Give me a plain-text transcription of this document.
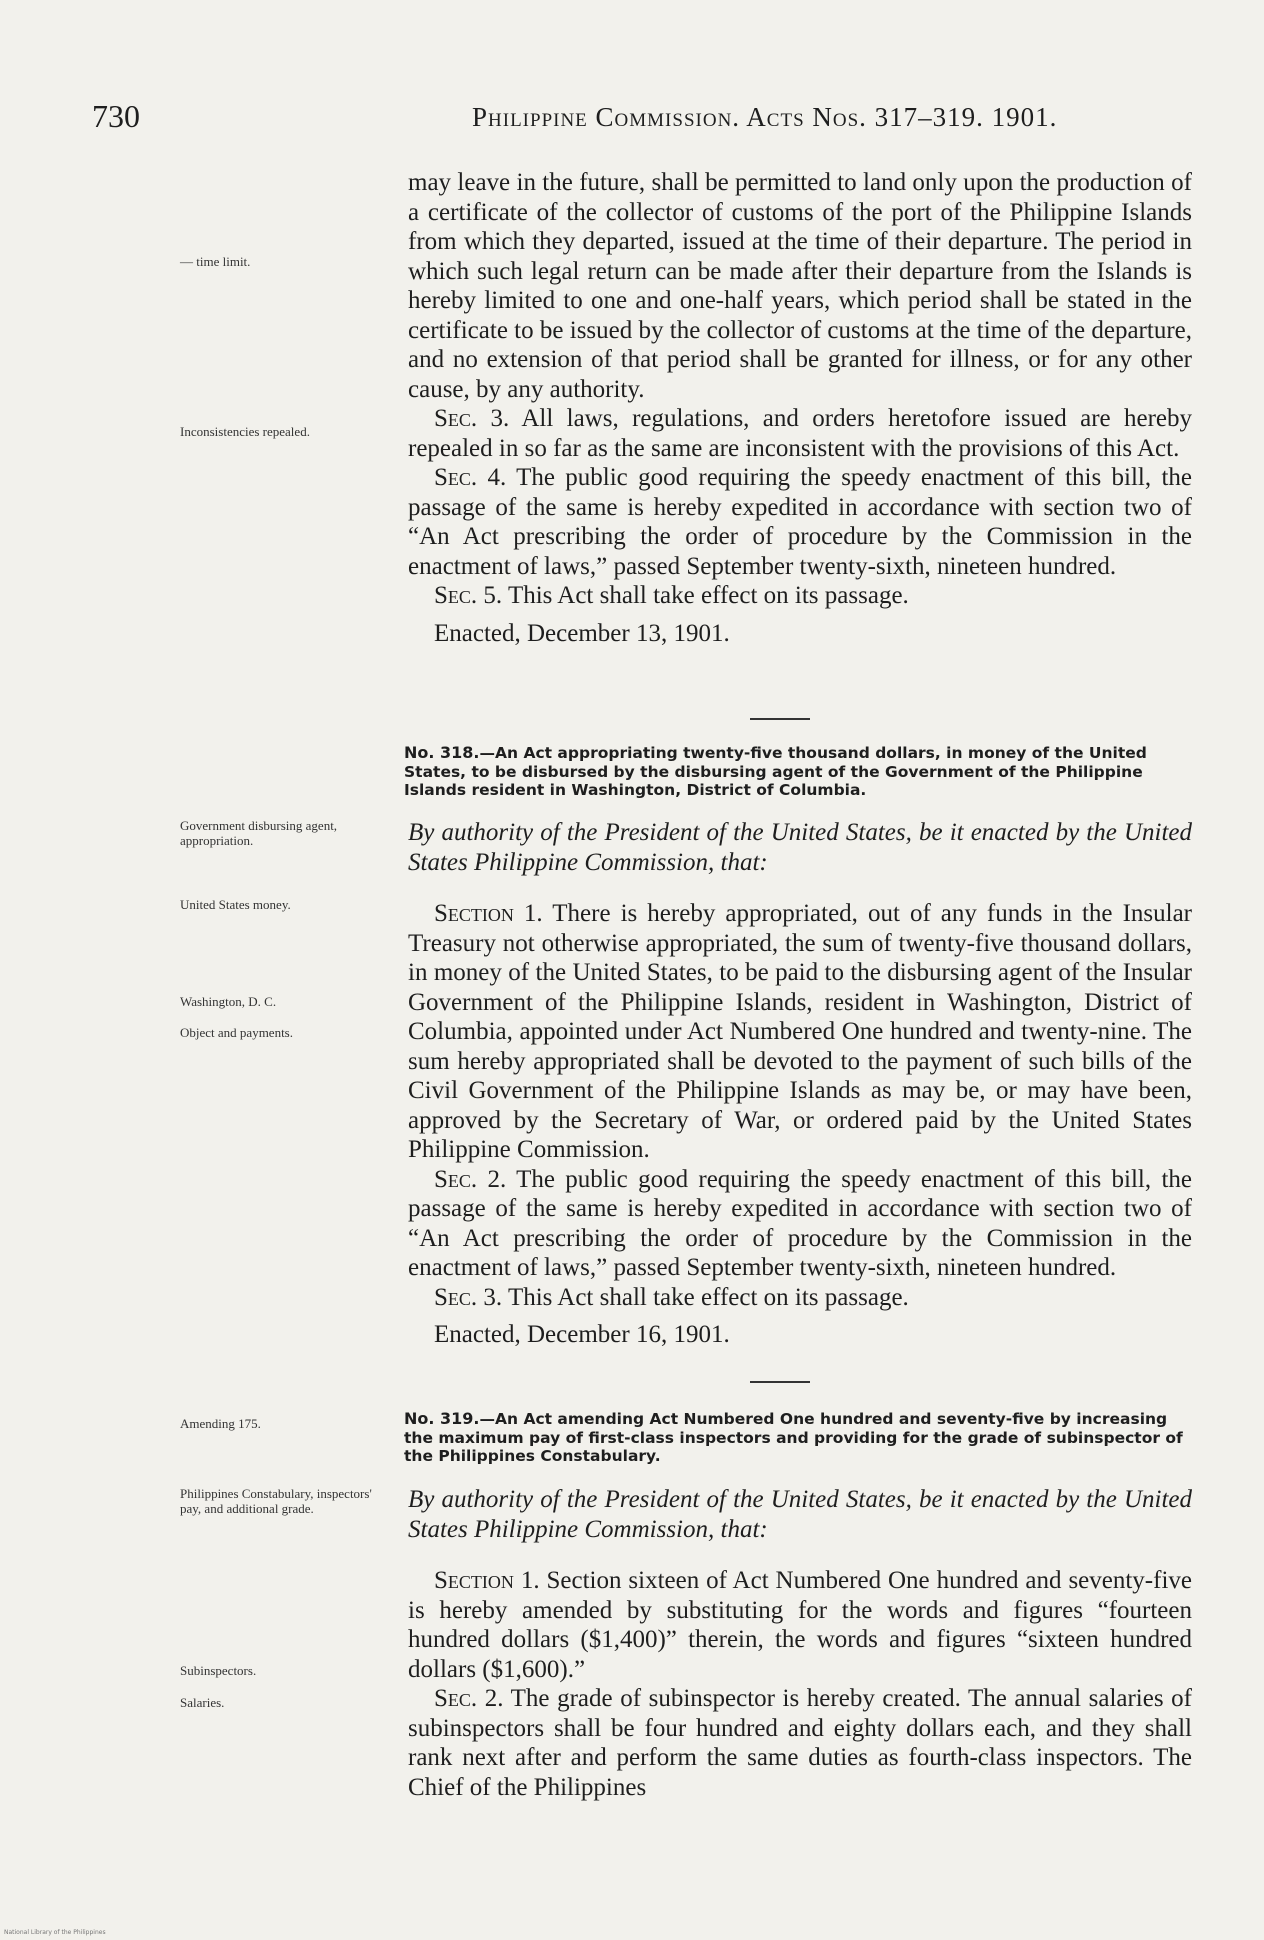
730	Philippine Commission. Acts Nos. 317–319. 1901.
— time limit.
Inconsistencies repealed.
Government disbursing agent, appropriation.
United States money.
Washington, D. C.
Object and payments.
Amending 175.
Philippines Constabulary, inspectors' pay, and additional grade.
Subinspectors.
Salaries.

may leave in the future, shall be permitted to land only upon the production of a certificate of the collector of customs of the port of the Philippine Islands from which they departed, issued at the time of their departure. The period in which such legal return can be made after their departure from the Islands is hereby limited to one and one-half years, which period shall be stated in the certificate to be issued by the collector of customs at the time of the departure, and no extension of that period shall be granted for illness, or for any other cause, by any authority.

Sec. 3. All laws, regulations, and orders heretofore issued are hereby repealed in so far as the same are inconsistent with the provisions of this Act.

Sec. 4. The public good requiring the speedy enactment of this bill, the passage of the same is hereby expedited in accordance with section two of “An Act prescribing the order of procedure by the Commission in the enactment of laws,” passed September twenty-sixth, nineteen hundred.

Sec. 5. This Act shall take effect on its passage.

Enacted, December 13, 1901.

No. 318.—An Act appropriating twenty-five thousand dollars, in money of the United States, to be disbursed by the disbursing agent of the Government of the Philippine Islands resident in Washington, District of Columbia.

By authority of the President of the United States, be it enacted by the United States Philippine Commission, that:

Section 1. There is hereby appropriated, out of any funds in the Insular Treasury not otherwise appropriated, the sum of twenty-five thousand dollars, in money of the United States, to be paid to the disbursing agent of the Insular Government of the Philippine Islands, resident in Washington, District of Columbia, appointed under Act Numbered One hundred and twenty-nine. The sum hereby appropriated shall be devoted to the payment of such bills of the Civil Government of the Philippine Islands as may be, or may have been, approved by the Secretary of War, or ordered paid by the United States Philippine Commission.

Sec. 2. The public good requiring the speedy enactment of this bill, the passage of the same is hereby expedited in accordance with section two of “An Act prescribing the order of procedure by the Commission in the enactment of laws,” passed September twenty-sixth, nineteen hundred.

Sec. 3. This Act shall take effect on its passage.

Enacted, December 16, 1901.

No. 319.—An Act amending Act Numbered One hundred and seventy-five by increasing the maximum pay of first-class inspectors and providing for the grade of subinspector of the Philippines Constabulary.

By authority of the President of the United States, be it enacted by the United States Philippine Commission, that:

Section 1. Section sixteen of Act Numbered One hundred and seventy-five is hereby amended by substituting for the words and figures “fourteen hundred dollars ($1,400)” therein, the words and figures “sixteen hundred dollars ($1,600).”

Sec. 2. The grade of subinspector is hereby created. The annual salaries of subinspectors shall be four hundred and eighty dollars each, and they shall rank next after and perform the same duties as fourth-class inspectors. The Chief of the Philippines

National Library of the Philippines
